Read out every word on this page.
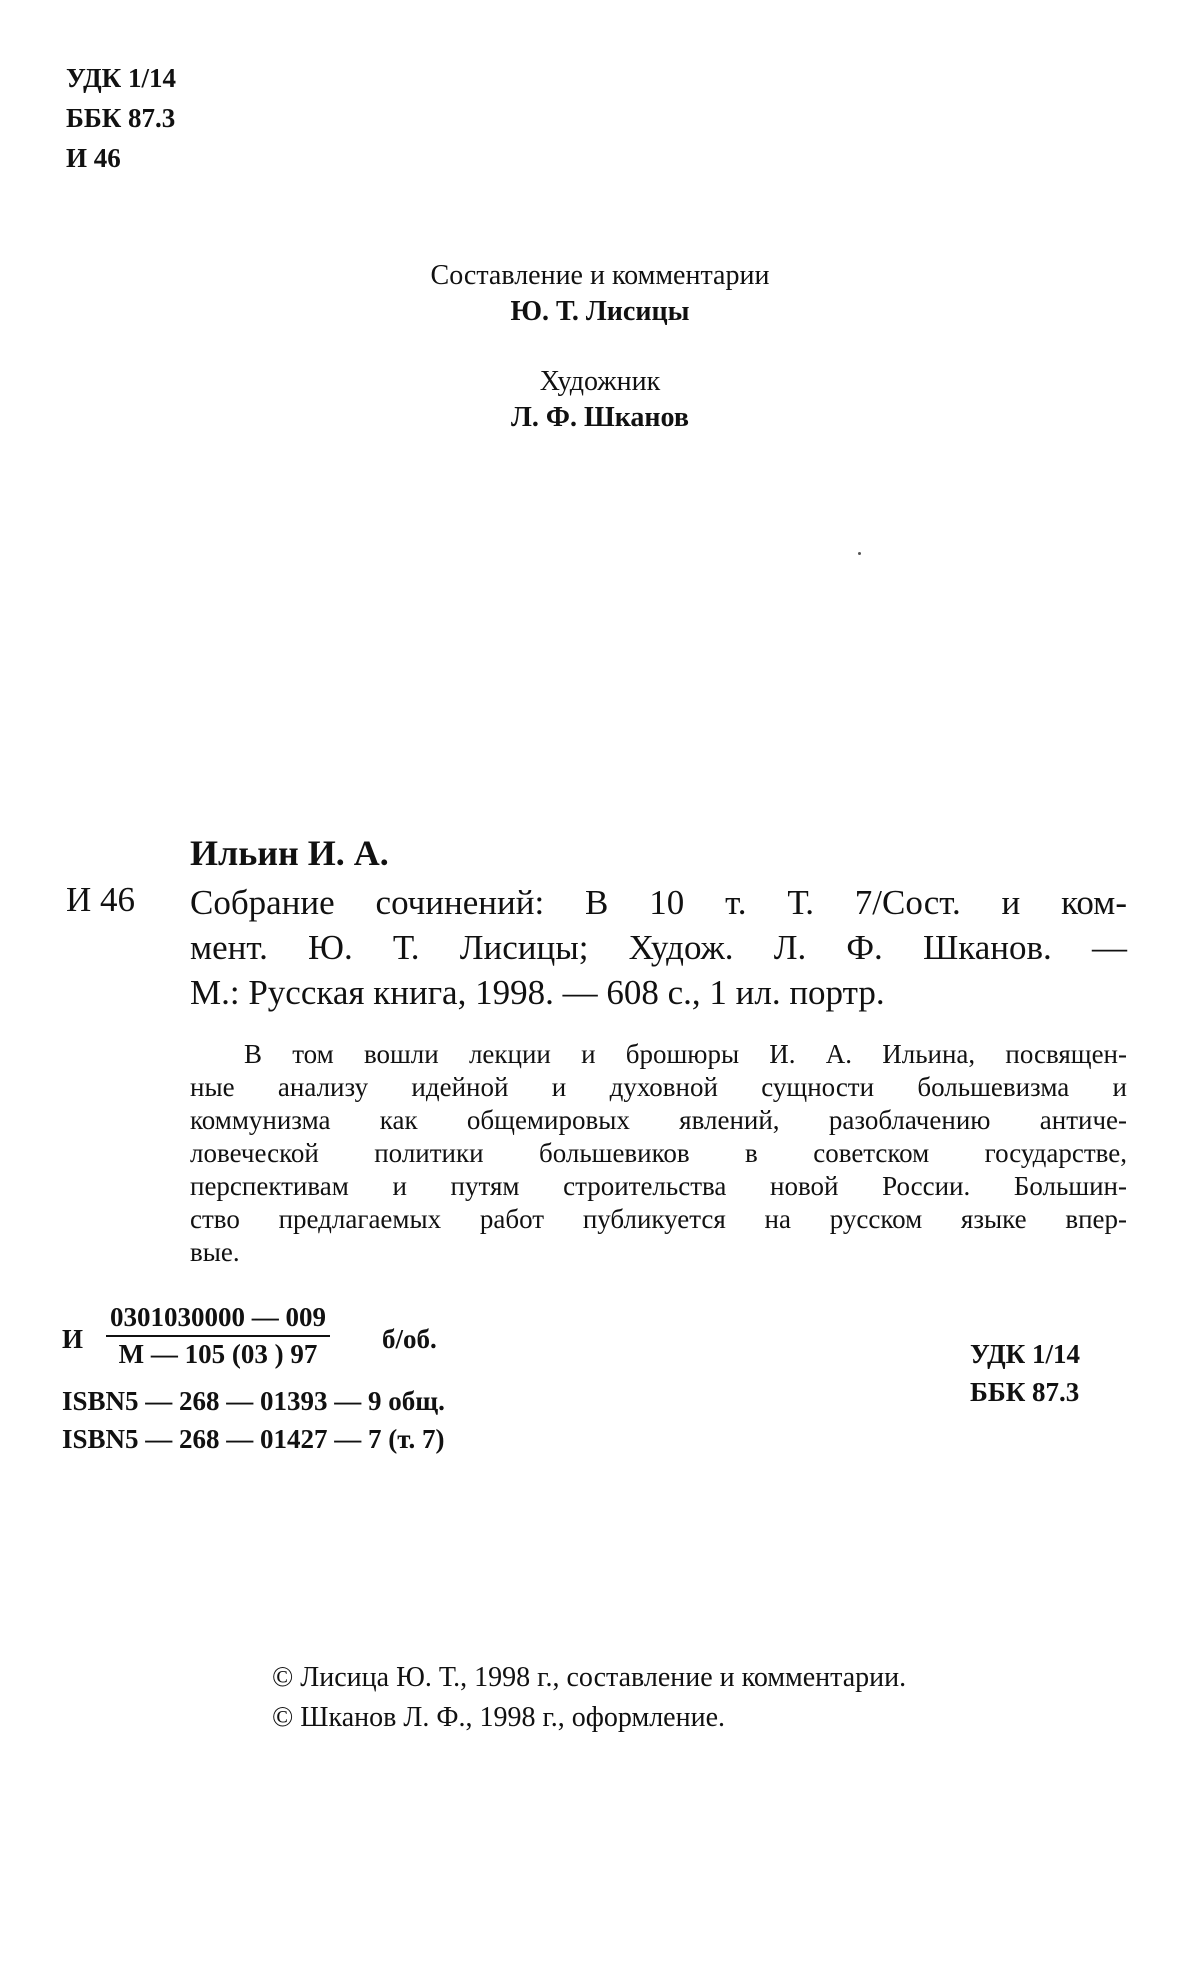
УДК 1/14
ББК 87.3
И 46
Составление и комментарии
Ю. Т. Лисицы
Художник
Л. Ф. Шканов
Ильин И. А.
И 46 Собрание сочинений: В 10 т. Т. 7/Сост. и ком-
мент. Ю. Т. Лисицы; Худож. Л. Ф. Шканов. —
М.: Русская книга, 1998. — 608 с., 1 ил. портр.
В том вошли лекции и брошюры И. А. Ильина, посвящен-
ные анализу идейной и духовной сущности большевизма и
коммунизма как общемировых явлений, разоблачению античе-
ловеческой политики большевиков в советском государстве,
перспективам и путям строительства новой России. Большин-
ство предлагаемых работ публикуется на русском языке впер-
вые.
И
0301030000 — 009
М — 105 (03 ) 97	б/об.
ISBN5 — 268 — 01393 — 9 общ.
ISBN5 — 268 — 01427 — 7 (т. 7)
УДК 1/14
ББК 87.3
© Лисица Ю. Т., 1998 г., составление и комментарии.
© Шканов Л. Ф., 1998 г., оформление.
